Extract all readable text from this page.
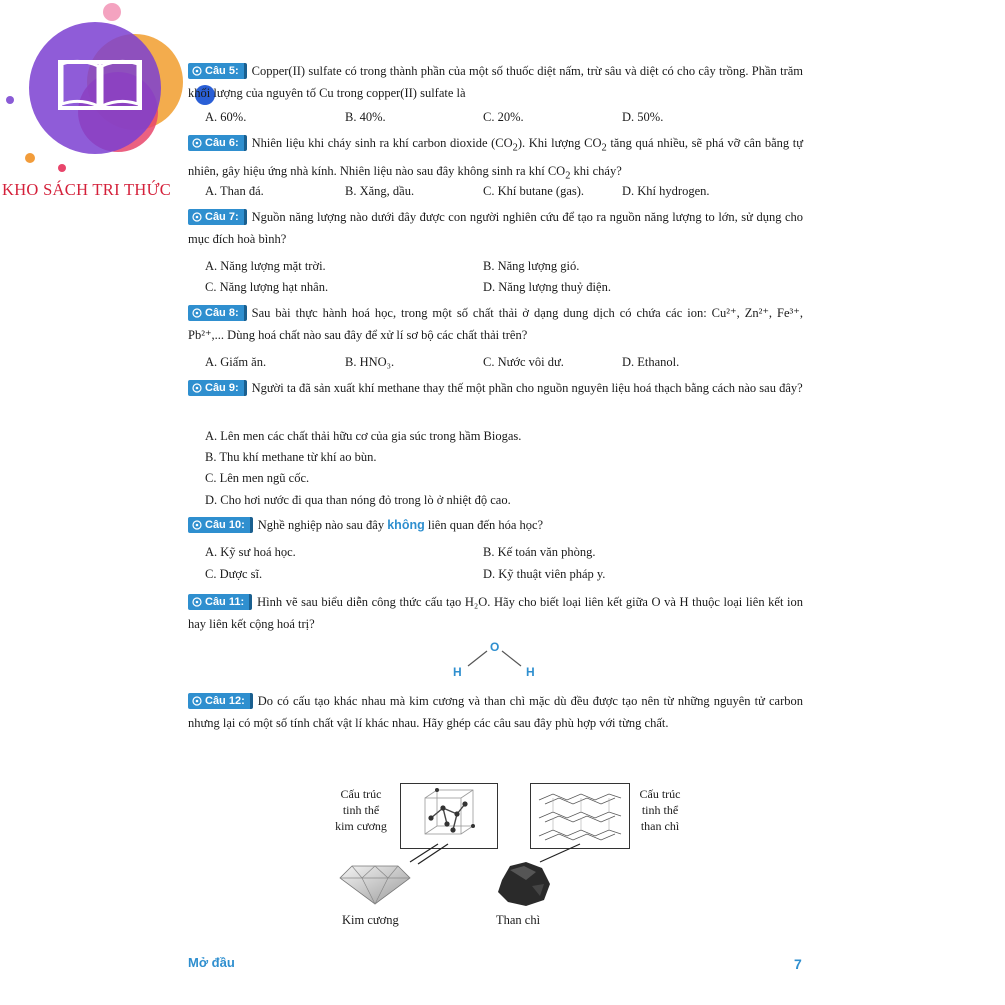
KHO SÁCH TRI THỨC
Câu 5: Copper(II) sulfate có trong thành phần của một số thuốc diệt nấm, trừ sâu và diệt có cho cây trồng. Phần trăm khối lượng của nguyên tố Cu trong copper(II) sulfate là
A. 60%.	B. 40%.	C. 20%.	D. 50%.
Câu 6: Nhiên liệu khi cháy sinh ra khí carbon dioxide $(CO_2)$. Khi lượng $CO_2$ tăng quá nhiều, sẽ phá vỡ cân bằng tự nhiên, gây hiệu ứng nhà kính. Nhiên liệu nào sau đây không sinh ra khí $CO_2$ khi cháy?
A. Than đá.	B. Xăng, dầu.	C. Khí butane (gas).	D. Khí hydrogen.
Câu 7: Nguồn năng lượng nào dưới đây được con người nghiên cứu để tạo ra nguồn năng lượng to lớn, sử dụng cho mục đích hoà bình?
A. Năng lượng mặt trời.	B. Năng lượng gió.
C. Năng lượng hạt nhân.	D. Năng lượng thuỷ điện.
Câu 8: Sau bài thực hành hoá học, trong một số chất thải ở dạng dung dịch có chứa các ion: Cu²⁺, Zn²⁺, Fe³⁺, Pb²⁺,... Dùng hoá chất nào sau đây để xử lí sơ bộ các chất thải trên?
A. Giấm ăn.	B. HNO₃.	C. Nước vôi dư.	D. Ethanol.
Câu 9: Người ta đã sản xuất khí methane thay thế một phần cho nguồn nguyên liệu hoá thạch bằng cách nào sau đây?
A. Lên men các chất thải hữu cơ của gia súc trong hầm Biogas.
B. Thu khí methane từ khí ao bùn.
C. Lên men ngũ cốc.
D. Cho hơi nước đi qua than nóng đỏ trong lò ở nhiệt độ cao.
Câu 10: Nghề nghiệp nào sau đây không liên quan đến hóa học?
A. Kỹ sư hoá học.	B. Kế toán văn phòng.
C. Dược sĩ.	D. Kỹ thuật viên pháp y.
Câu 11: Hình vẽ sau biểu diễn công thức cấu tạo H₂O. Hãy cho biết loại liên kết giữa O và H thuộc loại liên kết ion hay liên kết cộng hoá trị?
O
H	H
Câu 12: Do có cấu tạo khác nhau mà kim cương và than chì mặc dù đều được tạo nên từ những nguyên tử carbon nhưng lại có một số tính chất vật lí khác nhau. Hãy ghép các câu sau đây phù hợp với từng chất.
Cấu trúc
tinh thể
kim cương
Cấu trúc
tinh thể
than chì
Kim cương	Than chì
Mở đầu	7
